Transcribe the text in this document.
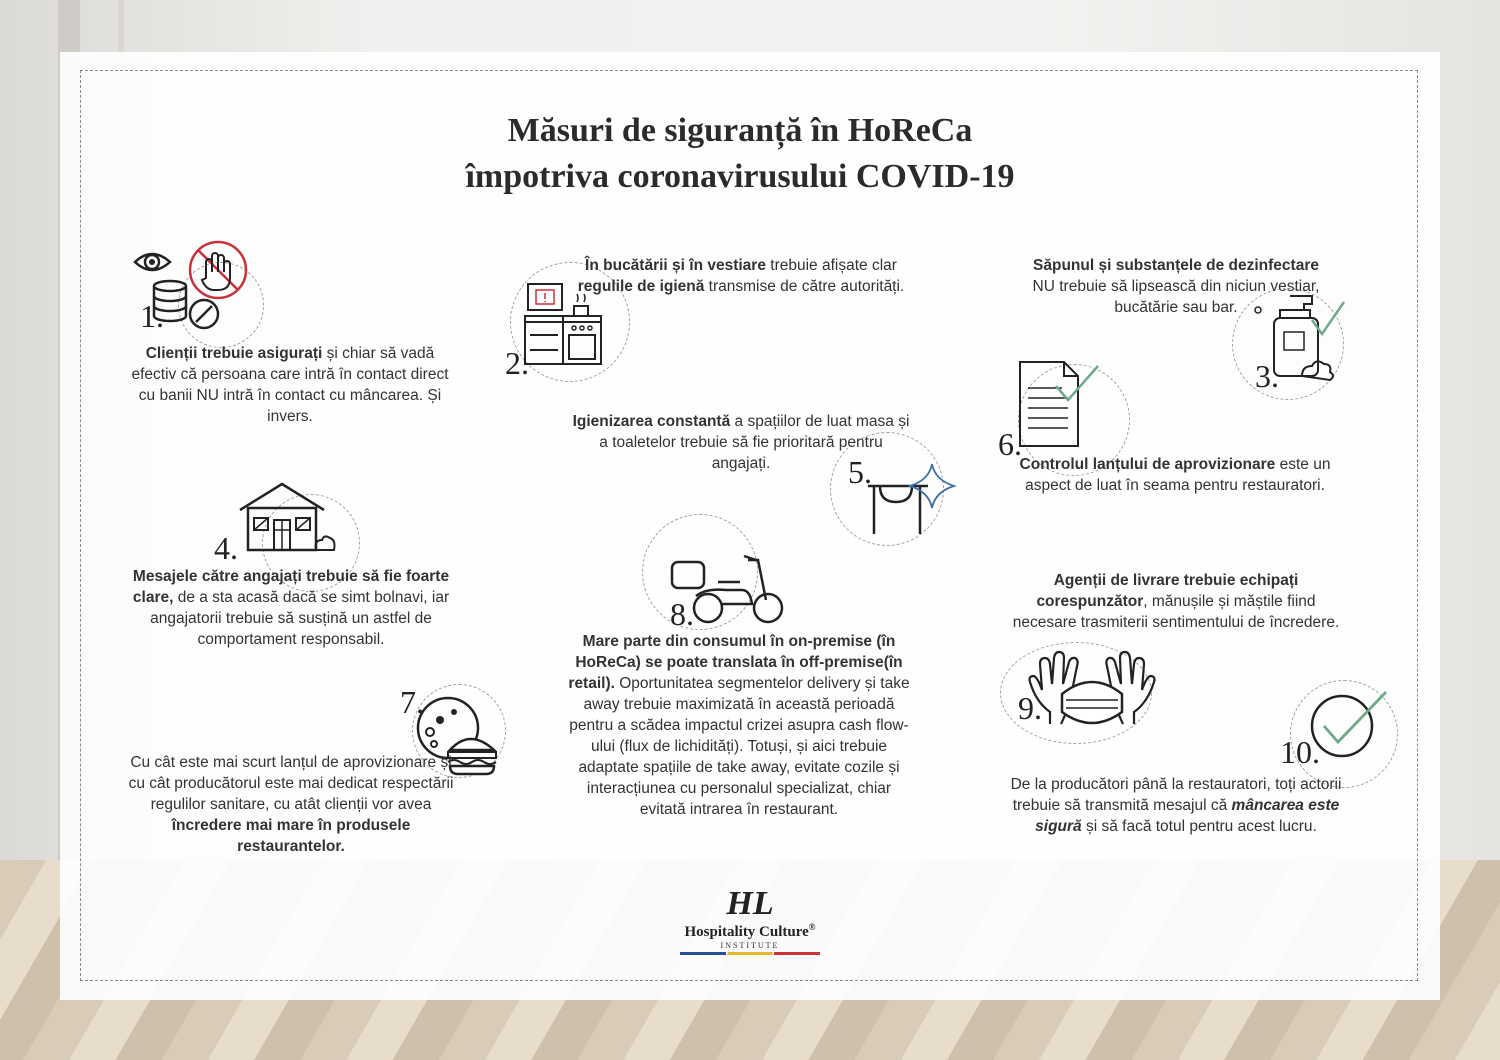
Măsuri de siguranță în HoReCa
împotriva coronavirusului COVID-19
1.
Clienții trebuie asigurați și chiar să vadă efectiv că persoana care intră în contact direct cu banii NU intră în contact cu mâncarea. Și invers.
2.
În bucătării și în vestiare trebuie afișate clar regulile de igienă transmise de către autorități.
3.
Săpunul și substanțele de dezinfectare
NU trebuie să lipsească din niciun vestiar, bucătărie sau bar.
4.
Mesajele către angajați trebuie să fie foarte clare, de a sta acasă dacă se simt bolnavi, iar angajatorii trebuie să susțină un astfel de comportament responsabil.
5.
Igienizarea constantă a spațiilor de luat masa și a toaletelor trebuie să fie prioritară pentru angajați.
6.
Controlul lanțului de aprovizionare este un aspect de luat în seama pentru restauratori.
7.
Cu cât este mai scurt lanțul de aprovizionare și cu cât producătorul este mai dedicat respectării regulilor sanitare, cu atât clienții vor avea încredere mai mare în produsele restaurantelor.
8.
Mare parte din consumul în on-premise (în HoReCa) se poate translata în off-premise(în retail). Oportunitatea segmentelor delivery și take away trebuie maximizată în această perioadă pentru a scădea impactul crizei asupra cash flow-ului (flux de lichidități). Totuși, și aici trebuie adaptate spațiile de take away, evitate cozile și interacțiunea cu personalul specializat, chiar evitată intrarea în restaurant.
9.
Agenții de livrare trebuie echipați corespunzător, mănușile și măștile fiind necesare trasmiterii sentimentului de încredere.
10.
De la producători până la restauratori, toți actorii trebuie să transmită mesajul că mâncarea este sigură și să facă totul pentru acest lucru.
HL
Hospitality Culture®
INSTITUTE
